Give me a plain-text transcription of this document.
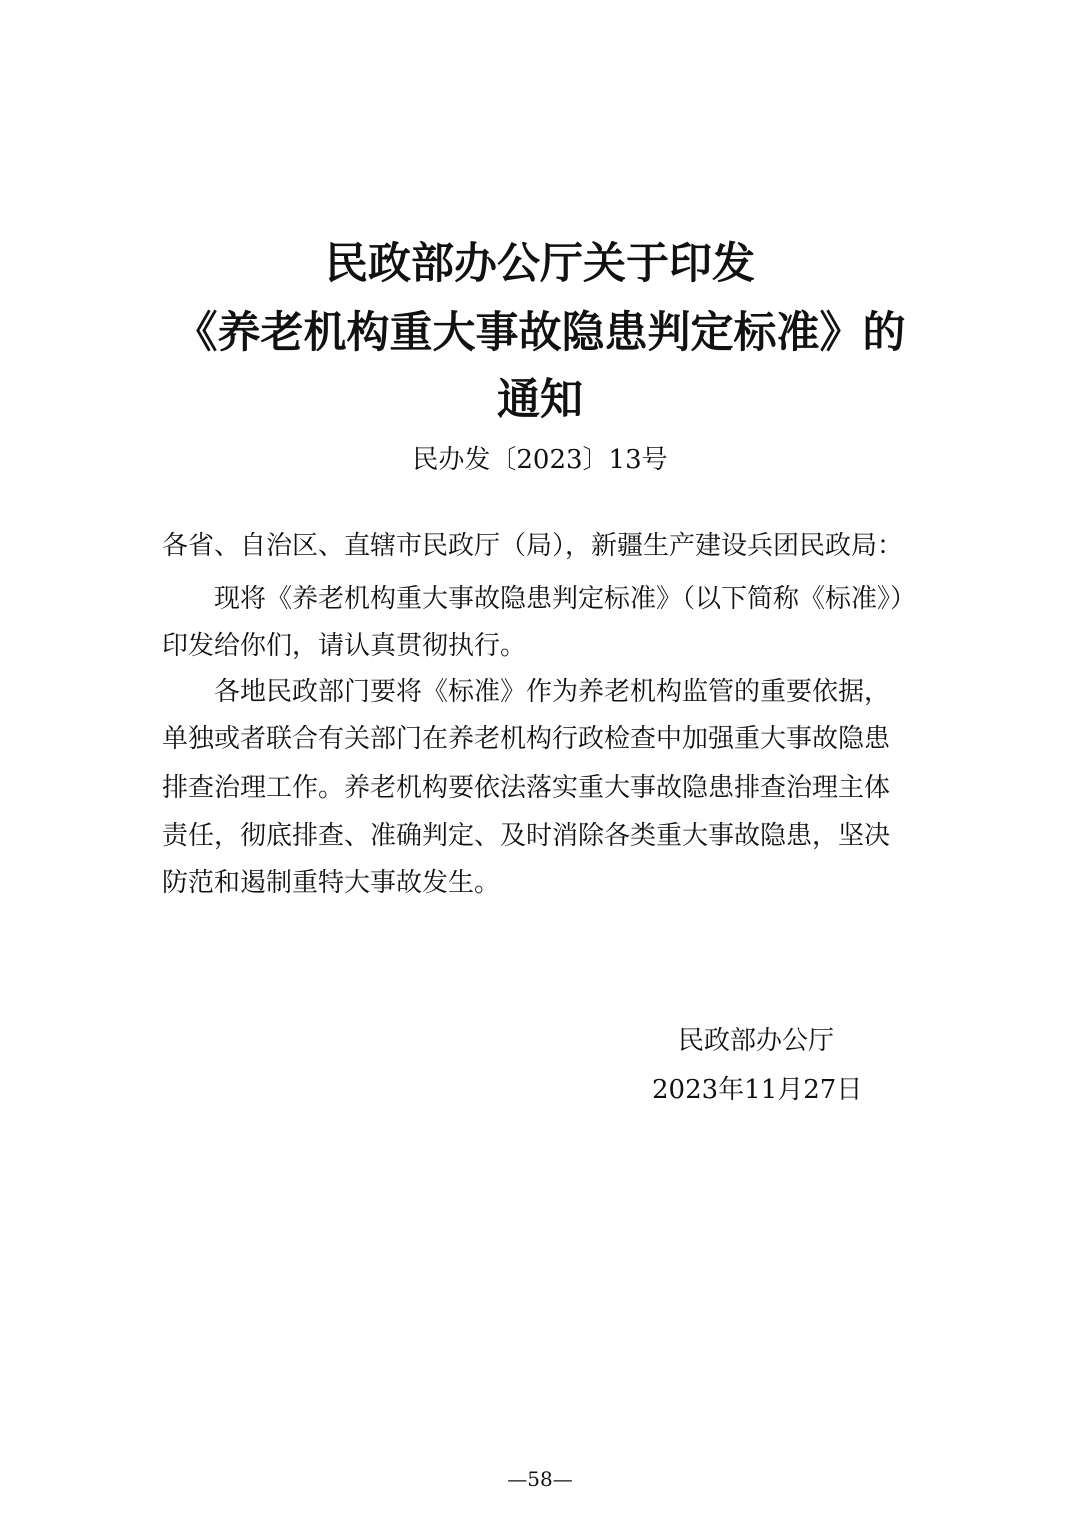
民政部办公厅关于印发
《养老机构重大事故隐患判定标准》的
通知
民办发〔2023〕13号
各省、自治区、直辖市民政厅（局），新疆生产建设兵团民政局：
现将《养老机构重大事故隐患判定标准》（以下简称《标准》）
印发给你们，请认真贯彻执行。
各地民政部门要将《标准》作为养老机构监管的重要依据，
单独或者联合有关部门在养老机构行政检查中加强重大事故隐患
排查治理工作。养老机构要依法落实重大事故隐患排查治理主体
责任，彻底排查、准确判定、及时消除各类重大事故隐患，坚决
防范和遏制重特大事故发生。
民政部办公厅
2023年11月27日
—58—
